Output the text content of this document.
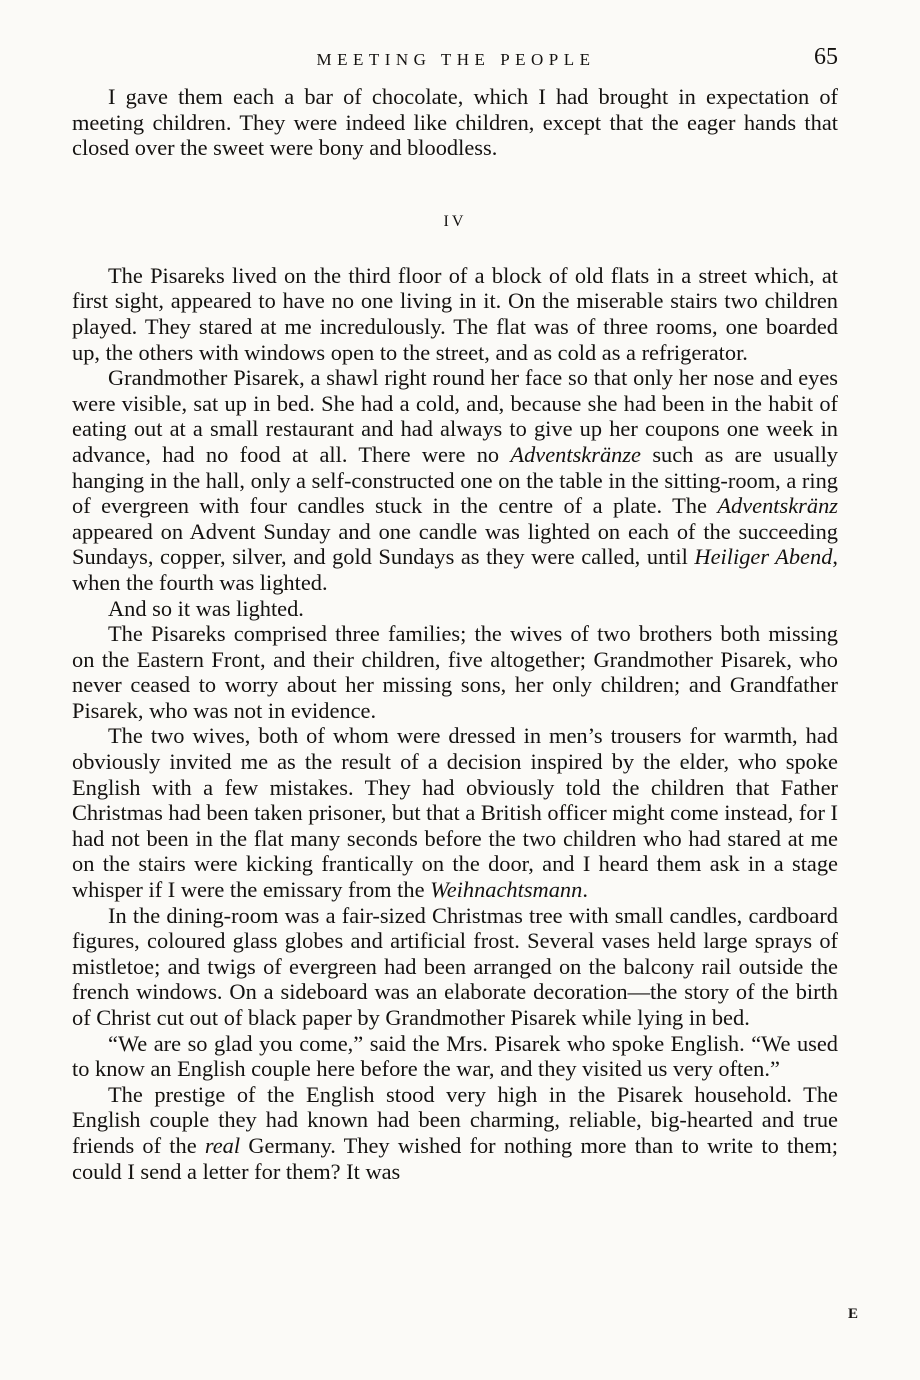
MEETING THE PEOPLE	65

I gave them each a bar of chocolate, which I had brought in expectation of meeting children. They were indeed like children, except that the eager hands that closed over the sweet were bony and bloodless.

IV

The Pisareks lived on the third floor of a block of old flats in a street which, at first sight, appeared to have no one living in it. On the miserable stairs two children played. They stared at me incredulously. The flat was of three rooms, one boarded up, the others with windows open to the street, and as cold as a refrigerator.

Grandmother Pisarek, a shawl right round her face so that only her nose and eyes were visible, sat up in bed. She had a cold, and, because she had been in the habit of eating out at a small restaurant and had always to give up her coupons one week in advance, had no food at all. There were no Adventskränze such as are usually hanging in the hall, only a self-constructed one on the table in the sitting-room, a ring of evergreen with four candles stuck in the centre of a plate. The Adventskränz appeared on Advent Sunday and one candle was lighted on each of the succeeding Sundays, copper, silver, and gold Sundays as they were called, until Heiliger Abend, when the fourth was lighted.

And so it was lighted.

The Pisareks comprised three families; the wives of two brothers both missing on the Eastern Front, and their children, five altogether; Grandmother Pisarek, who never ceased to worry about her missing sons, her only children; and Grandfather Pisarek, who was not in evidence.

The two wives, both of whom were dressed in men’s trousers for warmth, had obviously invited me as the result of a decision inspired by the elder, who spoke English with a few mistakes. They had obviously told the children that Father Christmas had been taken prisoner, but that a British officer might come instead, for I had not been in the flat many seconds before the two children who had stared at me on the stairs were kicking frantically on the door, and I heard them ask in a stage whisper if I were the emissary from the Weihnachtsmann.

In the dining-room was a fair-sized Christmas tree with small candles, cardboard figures, coloured glass globes and artificial frost. Several vases held large sprays of mistletoe; and twigs of evergreen had been arranged on the balcony rail outside the french windows. On a sideboard was an elaborate decoration—the story of the birth of Christ cut out of black paper by Grandmother Pisarek while lying in bed.

“We are so glad you come,” said the Mrs. Pisarek who spoke English. “We used to know an English couple here before the war, and they visited us very often.”

The prestige of the English stood very high in the Pisarek household. The English couple they had known had been charming, reliable, big-hearted and true friends of the real Germany. They wished for nothing more than to write to them; could I send a letter for them? It was

E
